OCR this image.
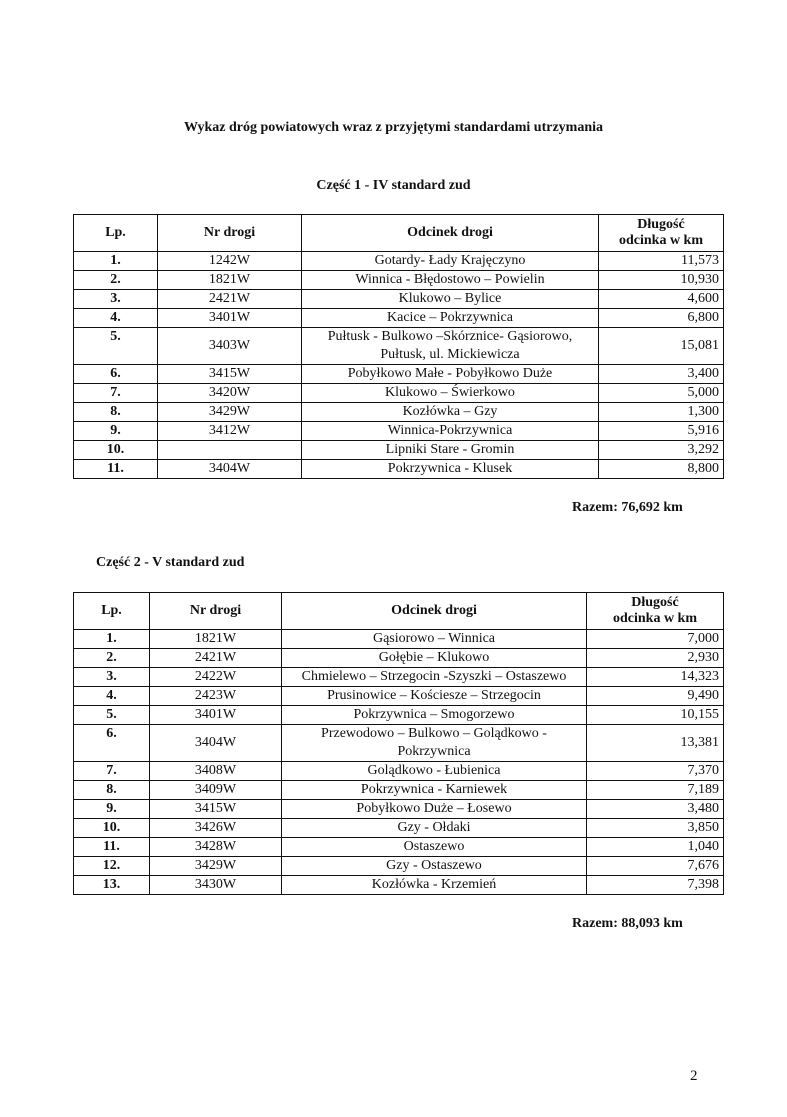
Wykaz dróg powiatowych wraz z przyjętymi standardami utrzymania
Część 1 - IV standard zud
Lp.	Nr drogi	Odcinek drogi	Długość
odcinka w km
1.	1242W	Gotardy- Łady Krajęczyno	11,573
2.	1821W	Winnica - Błędostowo – Powielin	10,930
3.	2421W	Klukowo – Bylice	4,600
4.	3401W	Kacice – Pokrzywnica	6,800
5.	3403W	Pułtusk - Bulkowo –Skórznice- Gąsiorowo, Pułtusk, ul. Mickiewicza	15,081
6.	3415W	Pobyłkowo Małe - Pobyłkowo Duże	3,400
7.	3420W	Klukowo – Świerkowo	5,000
8.	3429W	Kozłówka – Gzy	1,300
9.	3412W	Winnica-Pokrzywnica	5,916
10.		Lipniki Stare - Gromin	3,292
11.	3404W	Pokrzywnica - Klusek	8,800
Razem: 76,692 km
Część 2 - V standard zud
Lp.	Nr drogi	Odcinek drogi	Długość
odcinka w km
1.	1821W	Gąsiorowo – Winnica	7,000
2.	2421W	Gołębie – Klukowo	2,930
3.	2422W	Chmielewo – Strzegocin -Szyszki – Ostaszewo	14,323
4.	2423W	Prusinowice – Kościesze – Strzegocin	9,490
5.	3401W	Pokrzywnica – Smogorzewo	10,155
6.	3404W	Przewodowo – Bulkowo – Golądkowo - Pokrzywnica	13,381
7.	3408W	Golądkowo - Łubienica	7,370
8.	3409W	Pokrzywnica - Karniewek	7,189
9.	3415W	Pobyłkowo Duże – Łosewo	3,480
10.	3426W	Gzy - Ołdaki	3,850
11.	3428W	Ostaszewo	1,040
12.	3429W	Gzy - Ostaszewo	7,676
13.	3430W	Kozłówka - Krzemień	7,398
Razem: 88,093 km
2
